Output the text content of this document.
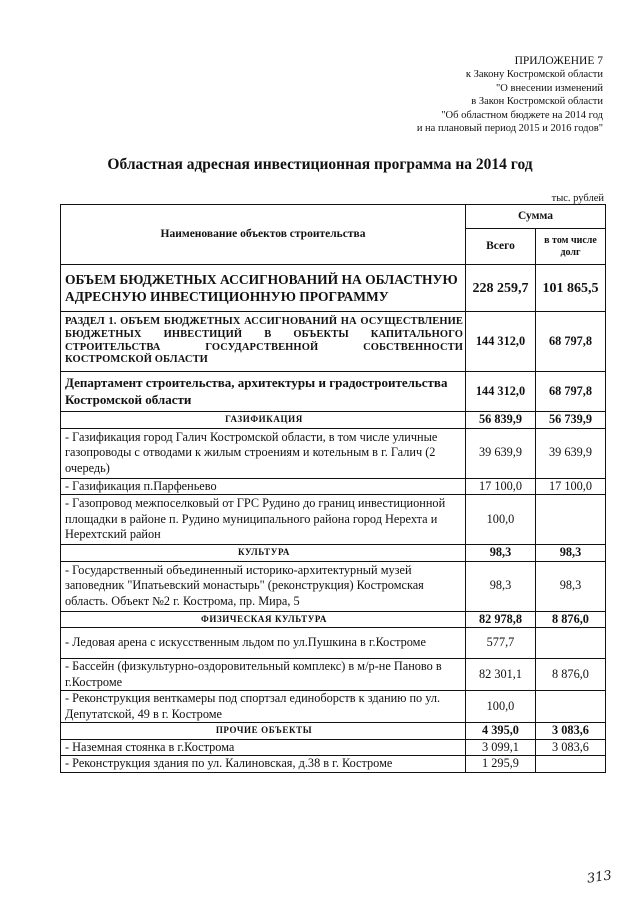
ПРИЛОЖЕНИЕ 7
к Закону Костромской области
"О внесении изменений
в Закон Костромской области
"Об областном бюджете на 2014 год
и на плановый период 2015 и 2016 годов"
Областная адресная инвестиционная программа на 2014 год
тыс. рублей
Наименование объектов строительства	Сумма	
	Всего	в том числе долг
ОБЪЕМ БЮДЖЕТНЫХ АССИГНОВАНИЙ НА ОБЛАСТНУЮ АДРЕСНУЮ ИНВЕСТИЦИОННУЮ ПРОГРАММУ	228 259,7	101 865,5
РАЗДЕЛ 1. ОБЪЕМ БЮДЖЕТНЫХ АССИГНОВАНИЙ НА ОСУЩЕСТВЛЕНИЕ БЮДЖЕТНЫХ ИНВЕСТИЦИЙ В ОБЪЕКТЫ КАПИТАЛЬНОГО СТРОИТЕЛЬСТВА ГОСУДАРСТВЕННОЙ СОБСТВЕННОСТИ КОСТРОМСКОЙ ОБЛАСТИ	144 312,0	68 797,8
Департамент строительства, архитектуры и градостроительства Костромской области	144 312,0	68 797,8
ГАЗИФИКАЦИЯ	56 839,9	56 739,9
- Газификация город Галич Костромской области, в том числе уличные газопроводы с отводами к жилым строениям и котельным в г. Галич (2 очередь)	39 639,9	39 639,9
- Газификация п.Парфеньево	17 100,0	17 100,0
- Газопровод межпоселковый от ГРС Рудино до границ инвестиционной площадки в районе п. Рудино муниципального района город Нерехта и Нерехтский район	100,0	
КУЛЬТУРА	98,3	98,3
- Государственный объединенный историко-архитектурный музей заповедник "Ипатьевский монастырь" (реконструкция) Костромская область. Объект №2 г. Кострома, пр. Мира, 5	98,3	98,3
ФИЗИЧЕСКАЯ КУЛЬТУРА	82 978,8	8 876,0
- Ледовая арена с искусственным льдом по ул.Пушкина в г.Костроме	577,7	
- Бассейн (физкультурно-оздоровительный комплекс) в м/р-не Паново в г.Костроме	82 301,1	8 876,0
- Реконструкция венткамеры под спортзал единоборств к зданию по ул. Депутатской, 49 в г. Костроме	100,0	
ПРОЧИЕ ОБЪЕКТЫ	4 395,0	3 083,6
- Наземная стоянка в г.Кострома	3 099,1	3 083,6
- Реконструкция здания по ул. Калиновская, д.38 в г. Костроме	1 295,9	
313
